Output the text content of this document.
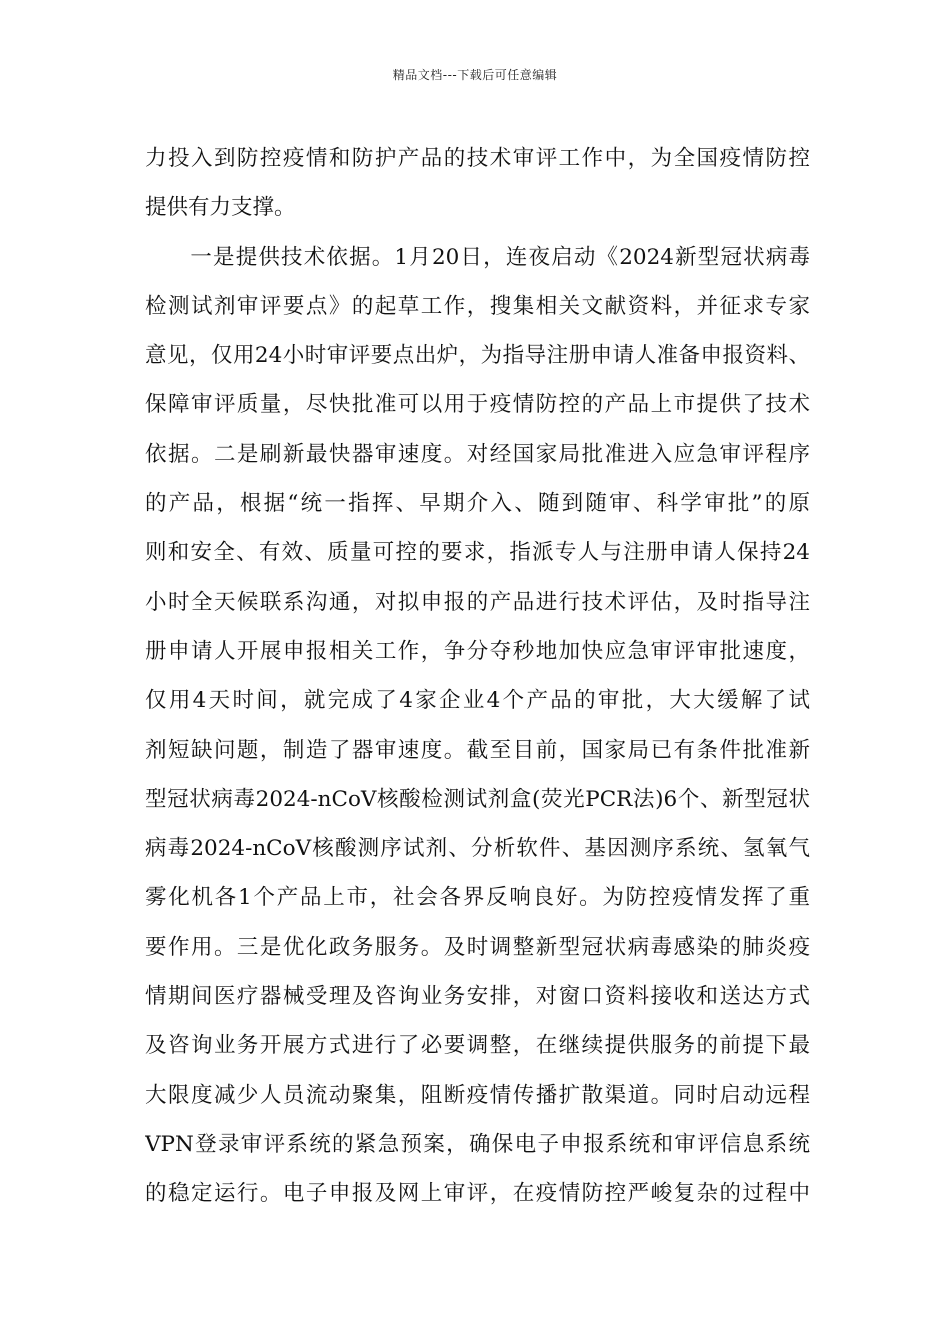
精品文档---下载后可任意编辑
力投入到防控疫情和防护产品的技术审评工作中，为全国疫情防控
提供有力支撑。
　　一是提供技术依据。1月20日，连夜启动《2024新型冠状病毒
检测试剂审评要点》的起草工作，搜集相关文献资料，并征求专家
意见，仅用24小时审评要点出炉，为指导注册申请人准备申报资料、
保障审评质量，尽快批准可以用于疫情防控的产品上市提供了技术
依据。二是刷新最快器审速度。对经国家局批准进入应急审评程序
的产品，根据“统一指挥、早期介入、随到随审、科学审批”的原
则和安全、有效、质量可控的要求，指派专人与注册申请人保持24
小时全天候联系沟通，对拟申报的产品进行技术评估，及时指导注
册申请人开展申报相关工作，争分夺秒地加快应急审评审批速度，
仅用4天时间，就完成了4家企业4个产品的审批，大大缓解了试
剂短缺问题，制造了器审速度。截至目前，国家局已有条件批准新
型冠状病毒2024-nCoV核酸检测试剂盒(荧光PCR法)6个、新型冠状
病毒2024-nCoV核酸测序试剂、分析软件、基因测序系统、氢氧气
雾化机各1个产品上市，社会各界反响良好。为防控疫情发挥了重
要作用。三是优化政务服务。及时调整新型冠状病毒感染的肺炎疫
情期间医疗器械受理及咨询业务安排，对窗口资料接收和送达方式
及咨询业务开展方式进行了必要调整，在继续提供服务的前提下最
大限度减少人员流动聚集，阻断疫情传播扩散渠道。同时启动远程
VPN登录审评系统的紧急预案，确保电子申报系统和审评信息系统
的稳定运行。电子申报及网上审评，在疫情防控严峻复杂的过程中
